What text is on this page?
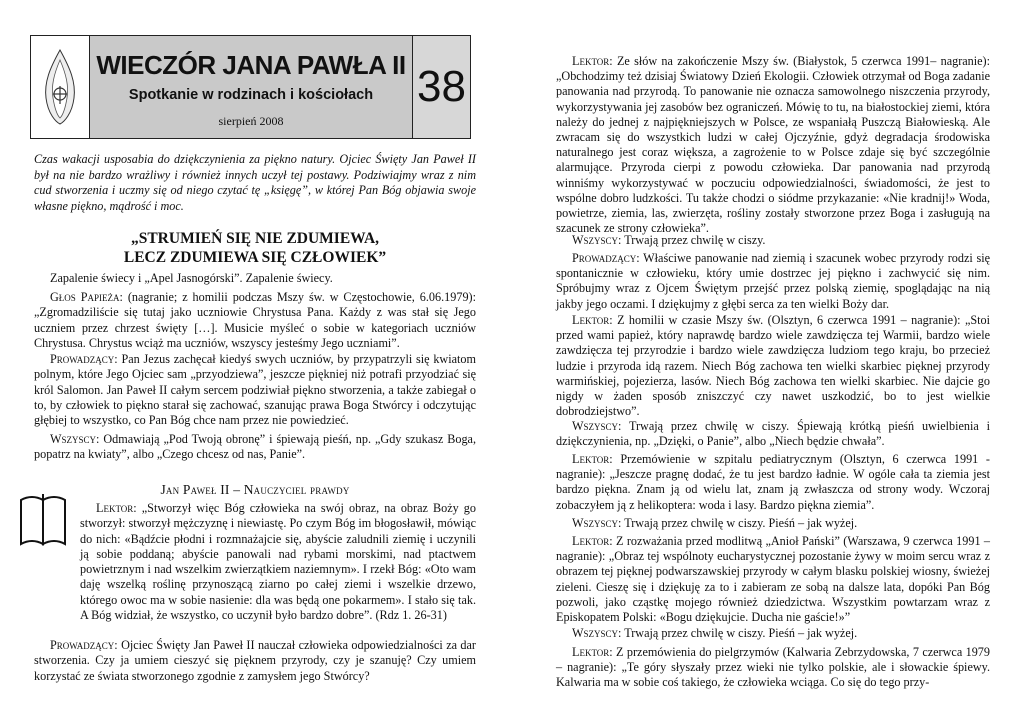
WIECZÓR JANA PAWŁA II
Spotkanie w rodzinach i kościołach
sierpień 2008
38

Czas wakacji usposabia do dziękczynienia za piękno natury. Ojciec Święty Jan Paweł II był na nie bardzo wrażliwy i również innych uczył tej postawy. Podziwiajmy wraz z nim cud stworzenia i uczmy się od niego czytać tę „księgę”, w której Pan Bóg objawia swoje własne piękno, mądrość i moc.

„STRUMIEŃ SIĘ NIE ZDUMIEWA,
LECZ ZDUMIEWA SIĘ CZŁOWIEK”

Zapalenie świecy i „Apel Jasnogórski”. Zapalenie świecy.

Głos Papieża: (nagranie; z homilii podczas Mszy św. w Częstochowie, 6.06.1979): „Zgromadziliście się tutaj jako uczniowie Chrystusa Pana. Każdy z was stał się Jego uczniem przez chrzest święty […]. Musicie myśleć o sobie w kategoriach uczniów Chrystusa. Chrystus wciąż ma uczniów, wszyscy jesteśmy Jego uczniami”.

Prowadzący: Pan Jezus zachęcał kiedyś swych uczniów, by przypatrzyli się kwiatom polnym, które Jego Ojciec sam „przyodziewa”, jeszcze piękniej niż potrafi przyodziać się król Salomon. Jan Paweł II całym sercem podziwiał piękno stworzenia, a także zabiegał o to, by człowiek to piękno starał się zachować, szanując prawa Boga Stwórcy i odczytując głębiej to wszystko, co Pan Bóg chce nam przez nie powiedzieć.

Wszyscy: Odmawiają „Pod Twoją obronę” i śpiewają pieśń, np. „Gdy szukasz Boga, popatrz na kwiaty”, albo „Czego chcesz od nas, Panie”.

Jan Paweł II – Nauczyciel prawdy

Lektor: „Stworzył więc Bóg człowieka na swój obraz, na obraz Boży go stworzył: stworzył mężczyznę i niewiastę. Po czym Bóg im błogosławił, mówiąc do nich: «Bądźcie płodni i rozmnażajcie się, abyście zaludnili ziemię i uczynili ją sobie poddaną; abyście panowali nad rybami morskimi, nad ptactwem powietrznym i nad wszelkim zwierzątkiem naziemnym». I rzekł Bóg: «Oto wam daję wszelką roślinę przynoszącą ziarno po całej ziemi i wszelkie drzewo, którego owoc ma w sobie nasienie: dla was będą one pokarmem». I stało się tak. A Bóg widział, że wszystko, co uczynił było bardzo dobre”. (Rdz 1. 26-31)

Prowadzący: Ojciec Święty Jan Paweł II nauczał człowieka odpowiedzialności za dar stworzenia. Czy ja umiem cieszyć się pięknem przyrody, czy je szanuję? Czy umiem korzystać ze świata stworzonego zgodnie z zamysłem jego Stwórcy?

Lektor: Ze słów na zakończenie Mszy św. (Białystok, 5 czerwca 1991– nagranie): „Obchodzimy też dzisiaj Światowy Dzień Ekologii. Człowiek otrzymał od Boga zadanie panowania nad przyrodą. To panowanie nie oznacza samowolnego niszczenia przyrody, wykorzystywania jej zasobów bez ograniczeń. Mówię to tu, na białostockiej ziemi, która należy do jednej z najpiękniejszych w Polsce, ze wspaniałą Puszczą Białowieską. Ale zwracam się do wszystkich ludzi w całej Ojczyźnie, gdyż degradacja środowiska naturalnego jest coraz większa, a zagrożenie to w Polsce zdaje się być szczególnie alarmujące. Przyroda cierpi z powodu człowieka. Dar panowania nad przyrodą winniśmy wykorzystywać w poczuciu odpowiedzialności, świadomości, że jest to wspólne dobro ludzkości. Tu także chodzi o siódme przykazanie: «Nie kradnij!» Woda, powietrze, ziemia, las, zwierzęta, rośliny zostały stworzone przez Boga i zasługują na szacunek ze strony człowieka”.

Wszyscy: Trwają przez chwilę w ciszy.

Prowadzący: Właściwe panowanie nad ziemią i szacunek wobec przyrody rodzi się spontanicznie w człowieku, który umie dostrzec jej piękno i zachwycić się nim. Spróbujmy wraz z Ojcem Świętym przejść przez polską ziemię, spoglądając na nią jakby jego oczami. I dziękujmy z głębi serca za ten wielki Boży dar.

Lektor: Z homilii w czasie Mszy św. (Olsztyn, 6 czerwca 1991 – nagranie): „Stoi przed wami papież, który naprawdę bardzo wiele zawdzięcza tej Warmii, bardzo wiele zawdzięcza tej przyrodzie i bardzo wiele zawdzięcza ludziom tego kraju, bo przecież ludzie i przyroda idą razem. Niech Bóg zachowa ten wielki skarbiec pięknej przyrody warmińskiej, pojezierza, lasów. Niech Bóg zachowa ten wielki skarbiec. Nie dajcie go nigdy w żaden sposób zniszczyć czy nawet uszkodzić, bo to jest wielkie dobrodziejstwo”.

Wszyscy: Trwają przez chwilę w ciszy. Śpiewają krótką pieśń uwielbienia i dziękczynienia, np. „Dzięki, o Panie”, albo „Niech będzie chwała”.

Lektor: Przemówienie w szpitalu pediatrycznym (Olsztyn, 6 czerwca 1991 - nagranie): „Jeszcze pragnę dodać, że tu jest bardzo ładnie. W ogóle cała ta ziemia jest bardzo piękna. Znam ją od wielu lat, znam ją zwłaszcza od strony wody. Wczoraj zobaczyłem ją z helikoptera: woda i lasy. Bardzo piękna ziemia”.

Wszyscy: Trwają przez chwilę w ciszy. Pieśń – jak wyżej.

Lektor: Z rozważania przed modlitwą „Anioł Pański” (Warszawa, 9 czerwca 1991 – nagranie): „Obraz tej wspólnoty eucharystycznej pozostanie żywy w moim sercu wraz z obrazem tej pięknej podwarszawskiej przyrody w całym blasku polskiej wiosny, świeżej zieleni. Cieszę się i dziękuję za to i zabieram ze sobą na dalsze lata, dopóki Pan Bóg pozwoli, jako cząstkę mojego również dziedzictwa. Wszystkim powtarzam wraz z Episkopatem Polski: «Bogu dziękujcie. Ducha nie gaście!»”

Wszyscy: Trwają przez chwilę w ciszy. Pieśń – jak wyżej.

Lektor: Z przemówienia do pielgrzymów (Kalwaria Zebrzydowska, 7 czerwca 1979 – nagranie): „Te góry słyszały przez wieki nie tylko polskie, ale i słowackie śpiewy. Kalwaria ma w sobie coś takiego, że człowieka wciąga. Co się do tego przy-
